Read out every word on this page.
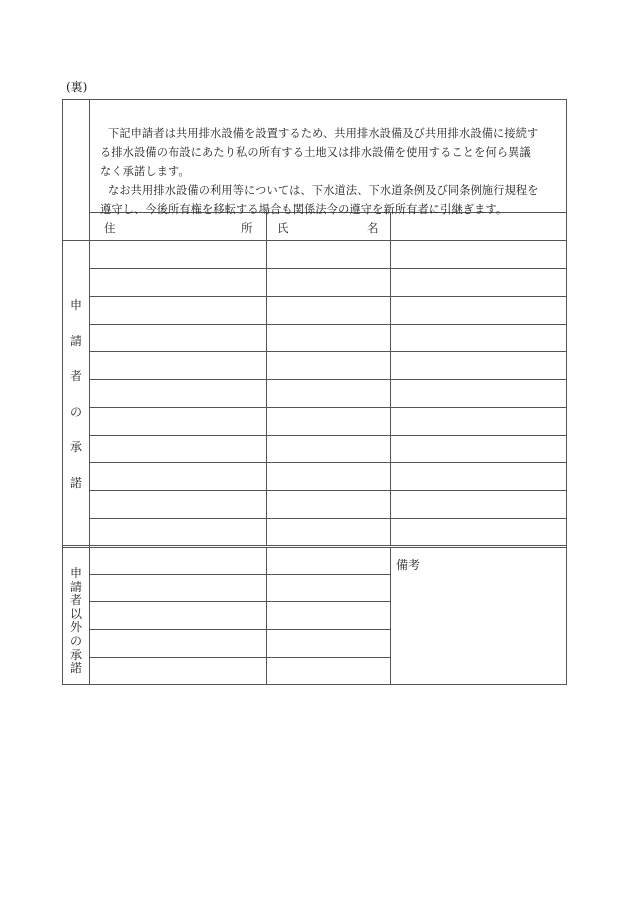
(裏)
下記申請者は共用排水設備を設置するため、共用排水設備及び共用排水設備に接続す
る排水設備の布設にあたり私の所有する土地又は排水設備を使用することを何ら異議
なく承諾します。
なお共用排水設備の利用等については、下水道法、下水道条例及び同条例施行規程を
遵守し、今後所有権を移転する場合も関係法令の遵守を新所有者に引継ぎます。
住	所 氏	名
申
請
者
の
承
諾
申
請
者
以
外
の
承
諾
備考
